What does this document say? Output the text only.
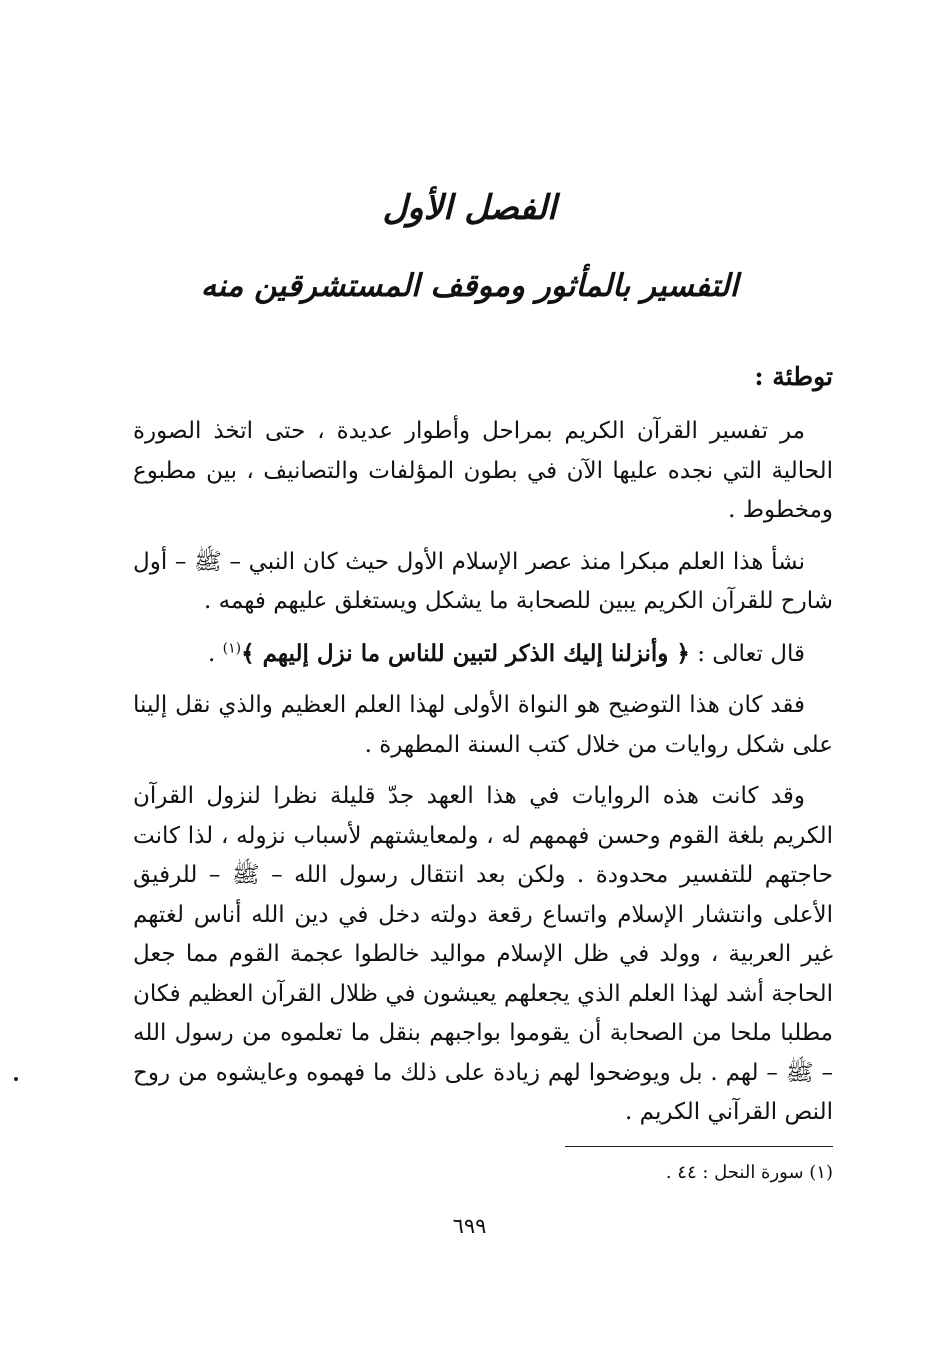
الفصل الأول
التفسير بالمأثور وموقف المستشرقين منه
توطئة :

مر تفسير القرآن الكريم بمراحل وأطوار عديدة ، حتى اتخذ الصورة الحالية التي نجده عليها الآن في بطون المؤلفات والتصانيف ، بين مطبوع ومخطوط .

نشأ هذا العلم مبكرا منذ عصر الإسلام الأول حيث كان النبي – ﷺ – أول شارح للقرآن الكريم يبين للصحابة ما يشكل ويستغلق عليهم فهمه .

قال تعالى : ﴿ وأنزلنا إليك الذكر لتبين للناس ما نزل إليهم ﴾$^{(١)}$ .

فقد كان هذا التوضيح هو النواة الأولى لهذا العلم العظيم والذي نقل إلينا على شكل روايات من خلال كتب السنة المطهرة .

وقد كانت هذه الروايات في هذا العهد جدّ قليلة نظرا لنزول القرآن الكريم بلغة القوم وحسن فهمهم له ، ولمعايشتهم لأسباب نزوله ، لذا كانت حاجتهم للتفسير محدودة . ولكن بعد انتقال رسول الله – ﷺ – للرفيق الأعلى وانتشار الإسلام واتساع رقعة دولته دخل في دين الله أناس لغتهم غير العربية ، وولد في ظل الإسلام مواليد خالطوا عجمة القوم مما جعل الحاجة أشد لهذا العلم الذي يجعلهم يعيشون في ظلال القرآن العظيم فكان مطلبا ملحا من الصحابة أن يقوموا بواجبهم بنقل ما تعلموه من رسول الله – ﷺ – لهم . بل ويوضحوا لهم زيادة على ذلك ما فهموه وعايشوه من روح النص القرآني الكريم .

(١) سورة النحل : ٤٤ .

٦٩٩
